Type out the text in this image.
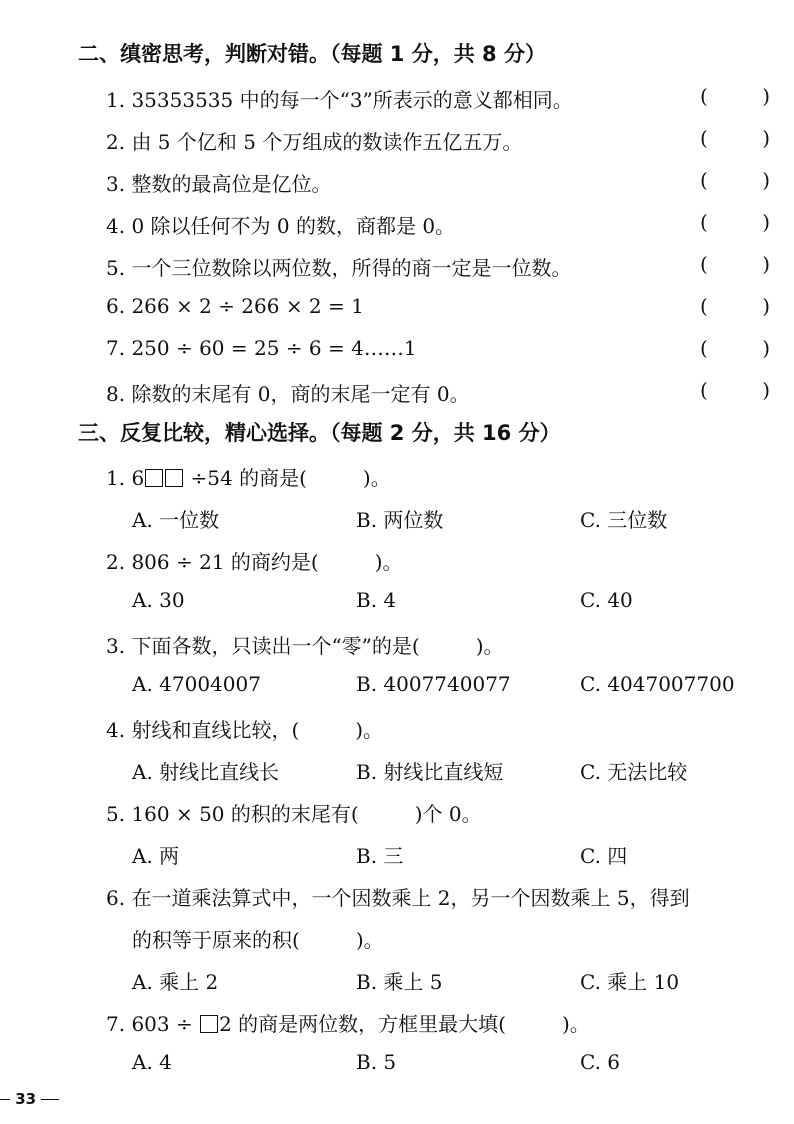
二、缜密思考，判断对错。（每题 1 分，共 8 分）
1. 35353535 中的每一个“3”所表示的意义都相同。	(	)
2. 由 5 个亿和 5 个万组成的数读作五亿五万。	(	)
3. 整数的最高位是亿位。	(	)
4. 0 除以任何不为 0 的数，商都是 0。	(	)
5. 一个三位数除以两位数，所得的商一定是一位数。	(	)
6. 266 × 2 ÷ 266 × 2 = 1	(	)
7. 250 ÷ 60 = 25 ÷ 6 = 4……1	(	)
8. 除数的末尾有 0，商的末尾一定有 0。	(	)
三、反复比较，精心选择。（每题 2 分，共 16 分）
1. 6 ÷54 的商是(	)。
A. 一位数	B. 两位数	C. 三位数
2. 806 ÷ 21 的商约是(	)。
A. 30	B. 4	C. 40
3. 下面各数，只读出一个“零”的是(	)。
A. 47004007	B. 4007740077	C. 4047007700
4. 射线和直线比较，(	)。
A. 射线比直线长	B. 射线比直线短	C. 无法比较
5. 160 × 50 的积的末尾有(	)个 0。
A. 两	B. 三	C. 四
6. 在一道乘法算式中，一个因数乘上 2，另一个因数乘上 5，得到
的积等于原来的积(	)。
A. 乘上 2	B. 乘上 5	C. 乘上 10
7. 603 ÷ 2 的商是两位数，方框里最大填(	)。
A. 4	B. 5	C. 6
33
